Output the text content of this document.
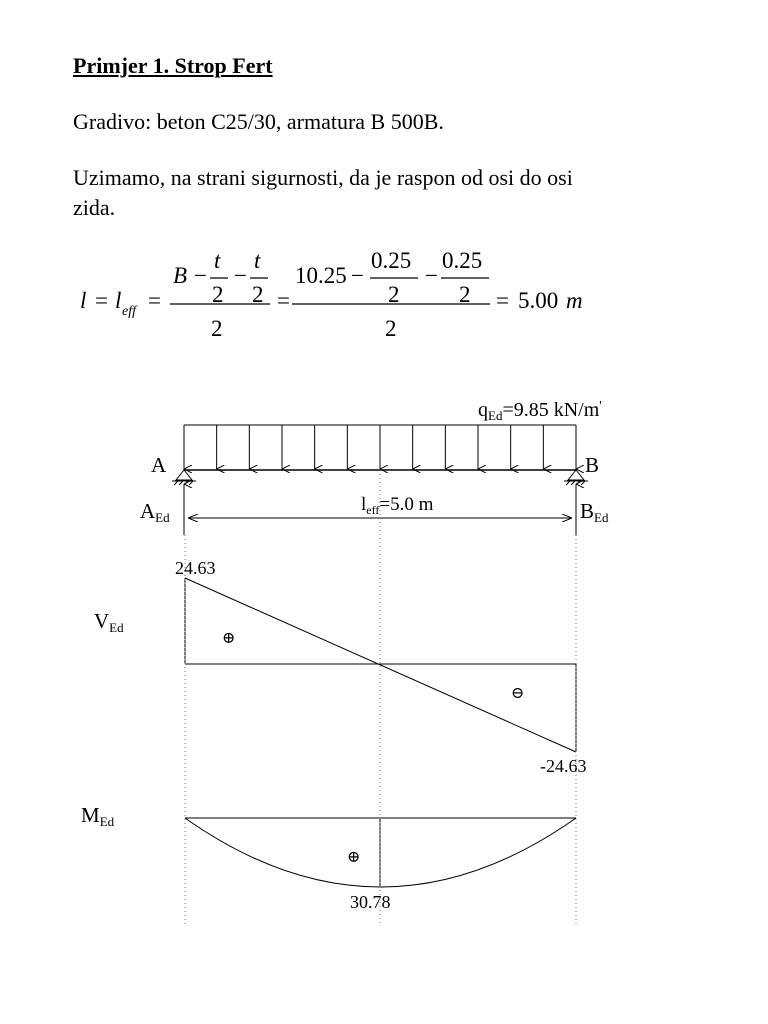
Primjer 1. Strop Fert
Gradivo: beton C25/30, armatura B 500B.
Uzimamo, na strani sigurnosti, da je raspon od osi do osi
zida.
l = l eff =
B −
t
2
−
t
2
2
=
10.25 −
0.25
2
−
0.25
2
2
= 5.00 m
$q_{Ed}=9.85$ kN/m'
A	B
AEd	BEd
$l_{eff}=5.0$ m
VEd
24.63
-24.63
⊕
⊖
MEd
⊕
30.78
